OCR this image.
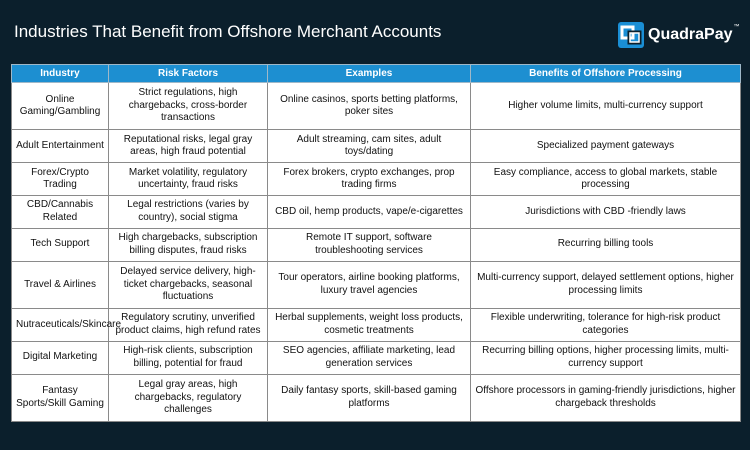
Industries That Benefit from Offshore Merchant Accounts	QuadraPay ™
Industry	Risk Factors	Examples	Benefits of Offshore Processing
Online Gaming/Gambling	Strict regulations, high chargebacks, cross-border transactions	Online casinos, sports betting platforms, poker sites	Higher volume limits, multi-currency support
Adult Entertainment	Reputational risks, legal gray areas, high fraud potential	Adult streaming, cam sites, adult toys/dating	Specialized payment gateways
Forex/Crypto Trading	Market volatility, regulatory uncertainty, fraud risks	Forex brokers, crypto exchanges, prop trading firms	Easy compliance, access to global markets, stable processing
CBD/Cannabis Related	Legal restrictions (varies by country), social stigma	CBD oil, hemp products, vape/e-cigarettes	Jurisdictions with CBD -friendly laws
Tech Support	High chargebacks, subscription billing disputes, fraud risks	Remote IT support, software troubleshooting services	Recurring billing tools
Travel & Airlines	Delayed service delivery, high-ticket chargebacks, seasonal fluctuations	Tour operators, airline booking platforms, luxury travel agencies	Multi-currency support, delayed settlement options, higher processing limits
Nutraceuticals/Skincare	Regulatory scrutiny, unverified product claims, high refund rates	Herbal supplements, weight loss products, cosmetic treatments	Flexible underwriting, tolerance for high-risk product categories
Digital Marketing	High-risk clients, subscription billing, potential for fraud	SEO agencies, affiliate marketing, lead generation services	Recurring billing options, higher processing limits, multi-currency support
Fantasy Sports/Skill Gaming	Legal gray areas, high chargebacks, regulatory challenges	Daily fantasy sports, skill-based gaming platforms	Offshore processors in gaming-friendly jurisdictions, higher chargeback thresholds
